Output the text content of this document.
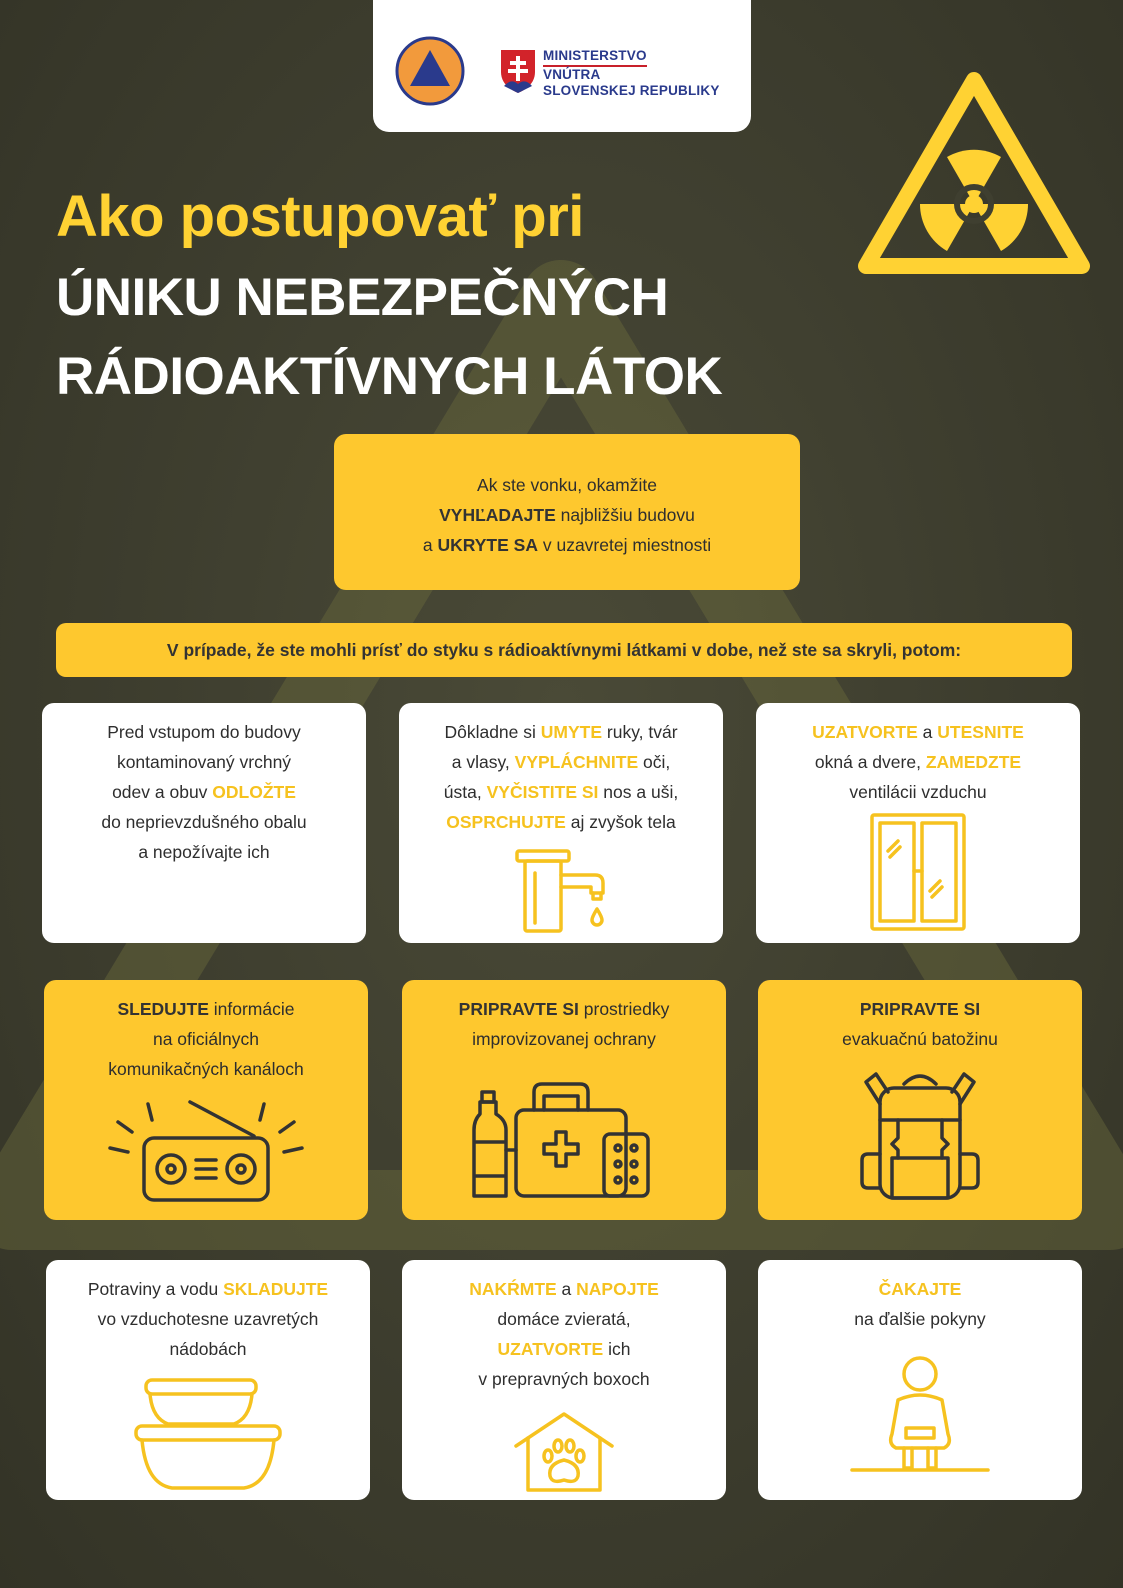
MINISTERSTVO
VNÚTRA
SLOVENSKEJ REPUBLIKY
Ako postupovať pri
ÚNIKU NEBEZPEČNÝCH
RÁDIOAKTÍVNYCH LÁTOK
Ak ste vonku, okamžite
VYHĽADAJTE najbližšiu budovu
a UKRYTE SA v uzavretej miestnosti
V prípade, že ste mohli prísť do styku s rádioaktívnymi látkami v dobe, než ste sa skryli, potom:
Pred vstupom do budovy
kontaminovaný vrchný
odev a obuv ODLOŽTE
do neprievzdušného obalu
a nepožívajte ich
Dôkladne si UMYTE ruky, tvár
a vlasy, VYPLÁCHNITE oči,
ústa, VYČISTITE SI nos a uši,
OSPRCHUJTE aj zvyšok tela
UZATVORTE a UTESNITE
okná a dvere, ZAMEDZTE
ventilácii vzduchu
SLEDUJTE informácie
na oficiálnych
komunikačných kanáloch
PRIPRAVTE SI prostriedky
improvizovanej ochrany
PRIPRAVTE SI
evakuačnú batožinu
Potraviny a vodu SKLADUJTE
vo vzduchotesne uzavretých
nádobách
NAKŔMTE a NAPOJTE
domáce zvieratá,
UZATVORTE ich
v prepravných boxoch
ČAKAJTE
na ďalšie pokyny
